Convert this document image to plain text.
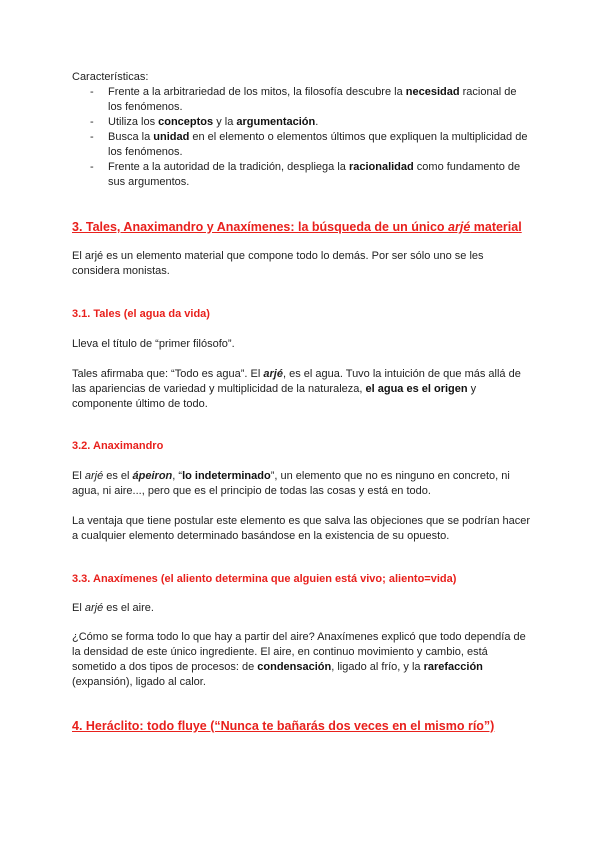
Características:

- Frente a la arbitrariedad de los mitos, la filosofía descubre la necesidad racional de los fenómenos.
- Utiliza los conceptos y la argumentación.
- Busca la unidad en el elemento o elementos últimos que expliquen la multiplicidad de los fenómenos.
- Frente a la autoridad de la tradición, despliega la racionalidad como fundamento de sus argumentos.

3. Tales, Anaximandro y Anaxímenes: la búsqueda de un único arjé material

El arjé es un elemento material que compone todo lo demás. Por ser sólo uno se les considera monistas.

3.1. Tales (el agua da vida)

Lleva el título de “primer filósofo”.

Tales afirmaba que: “Todo es agua”. El arjé, es el agua. Tuvo la intuición de que más allá de las apariencias de variedad y multiplicidad de la naturaleza, el agua es el origen y componente último de todo.

3.2. Anaximandro

El arjé es el ápeiron, “lo indeterminado”, un elemento que no es ninguno en concreto, ni agua, ni aire..., pero que es el principio de todas las cosas y está en todo.

La ventaja que tiene postular este elemento es que salva las objeciones que se podrían hacer a cualquier elemento determinado basándose en la existencia de su opuesto.

3.3. Anaxímenes (el aliento determina que alguien está vivo; aliento=vida)

El arjé es el aire.

¿Cómo se forma todo lo que hay a partir del aire? Anaxímenes explicó que todo dependía de la densidad de este único ingrediente. El aire, en continuo movimiento y cambio, está sometido a dos tipos de procesos: de condensación, ligado al frío, y la rarefacción (expansión), ligado al calor.

4. Heráclito: todo fluye (“Nunca te bañarás dos veces en el mismo río”)
